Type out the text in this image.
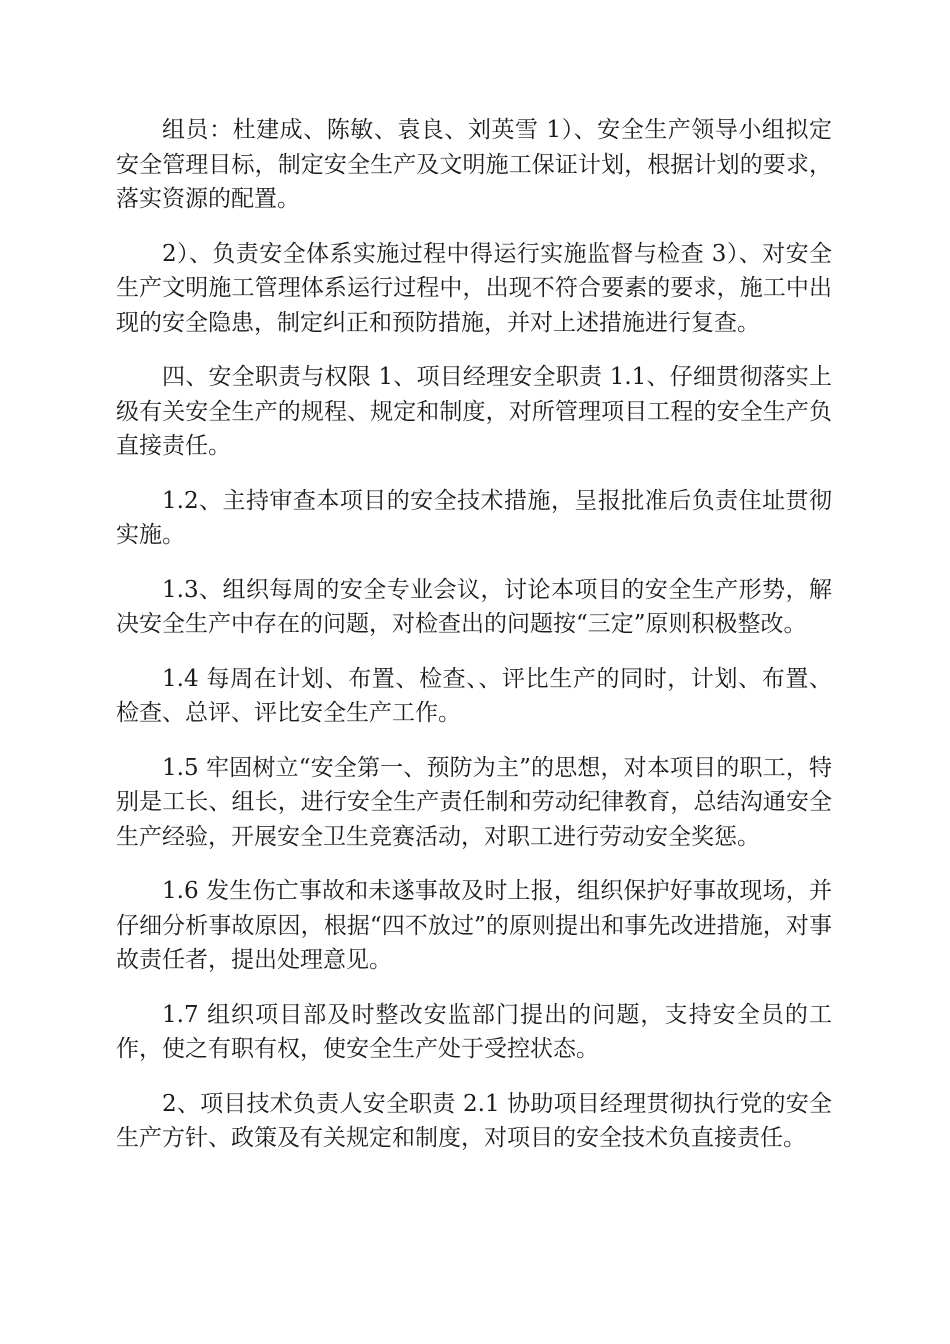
组员：杜建成、陈敏、袁良、刘英雪 1）、安全生产领导小组拟定安全管理目标，制定安全生产及文明施工保证计划，根据计划的要求，落实资源的配置。

2）、负责安全体系实施过程中得运行实施监督与检查 3）、对安全生产文明施工管理体系运行过程中，出现不符合要素的要求，施工中出现的安全隐患，制定纠正和预防措施，并对上述措施进行复查。

四、安全职责与权限 1、项目经理安全职责 1.1、仔细贯彻落实上级有关安全生产的规程、规定和制度，对所管理项目工程的安全生产负直接责任。

1.2、主持审查本项目的安全技术措施，呈报批准后负责住址贯彻实施。

1.3、组织每周的安全专业会议，讨论本项目的安全生产形势，解决安全生产中存在的问题，对检查出的问题按“三定”原则积极整改。

1.4 每周在计划、布置、检查、、评比生产的同时，计划、布置、检查、总评、评比安全生产工作。

1.5 牢固树立“安全第一、预防为主”的思想，对本项目的职工，特别是工长、组长，进行安全生产责任制和劳动纪律教育，总结沟通安全生产经验，开展安全卫生竞赛活动，对职工进行劳动安全奖惩。

1.6 发生伤亡事故和未遂事故及时上报，组织保护好事故现场，并仔细分析事故原因，根据“四不放过”的原则提出和事先改进措施，对事故责任者，提出处理意见。

1.7 组织项目部及时整改安监部门提出的问题，支持安全员的工作，使之有职有权，使安全生产处于受控状态。

2、项目技术负责人安全职责 2.1 协助项目经理贯彻执行党的安全生产方针、政策及有关规定和制度，对项目的安全技术负直接责任。
